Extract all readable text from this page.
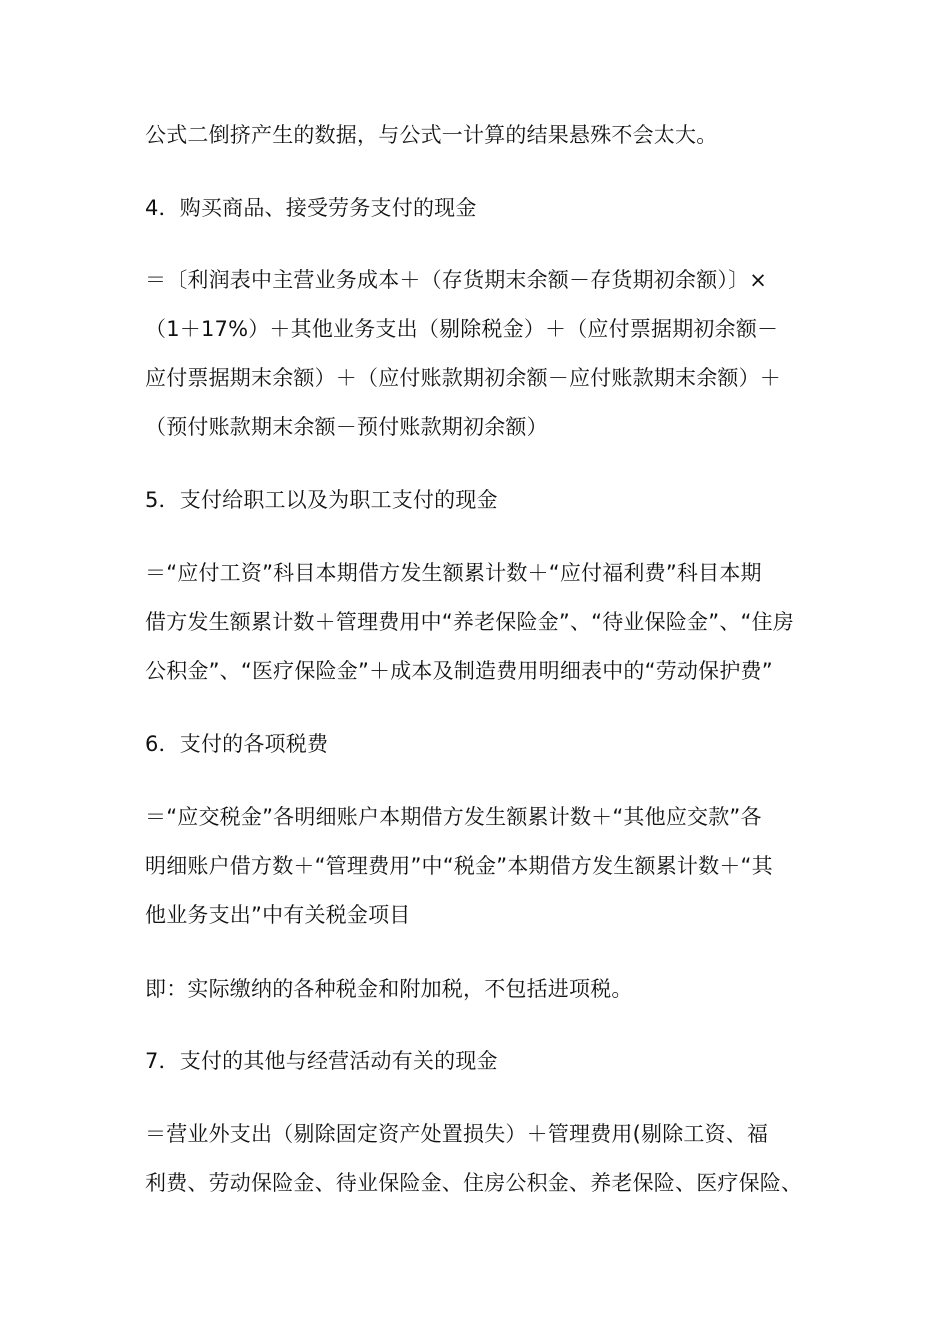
公式二倒挤产生的数据，与公式一计算的结果悬殊不会太大。
4．购买商品、接受劳务支付的现金
＝〔利润表中主营业务成本＋（存货期末余额－存货期初余额）〕×
（1＋17%）＋其他业务支出（剔除税金）＋（应付票据期初余额－
应付票据期末余额）＋（应付账款期初余额－应付账款期末余额）＋
（预付账款期末余额－预付账款期初余额）
5．支付给职工以及为职工支付的现金
＝“应付工资”科目本期借方发生额累计数＋“应付福利费”科目本期
借方发生额累计数＋管理费用中“养老保险金”、“待业保险金”、“住房
公积金”、“医疗保险金”＋成本及制造费用明细表中的“劳动保护费”
6．支付的各项税费
＝“应交税金”各明细账户本期借方发生额累计数＋“其他应交款”各
明细账户借方数＋“管理费用”中“税金”本期借方发生额累计数＋“其
他业务支出”中有关税金项目
即：实际缴纳的各种税金和附加税，不包括进项税。
7．支付的其他与经营活动有关的现金
＝营业外支出（剔除固定资产处置损失）＋管理费用(剔除工资、福
利费、劳动保险金、待业保险金、住房公积金、养老保险、医疗保险、
